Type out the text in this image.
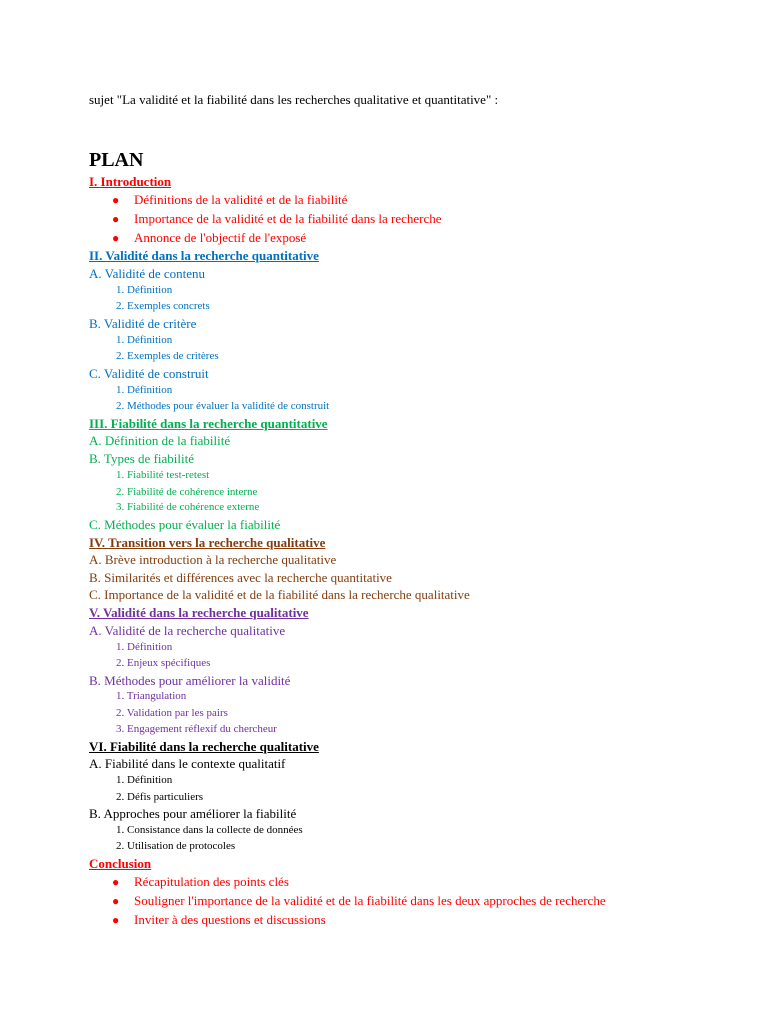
sujet "La validité et la fiabilité dans les recherches qualitative et quantitative" :
PLAN
I. Introduction
● Définitions de la validité et de la fiabilité
● Importance de la validité et de la fiabilité dans la recherche
● Annonce de l'objectif de l'exposé
II. Validité dans la recherche quantitative
A. Validité de contenu
1. Définition
2. Exemples concrets
B. Validité de critère
1. Définition
2. Exemples de critères
C. Validité de construit
1. Définition
2. Méthodes pour évaluer la validité de construit
III. Fiabilité dans la recherche quantitative
A. Définition de la fiabilité
B. Types de fiabilité
1. Fiabilité test-retest
2. Fiabilité de cohérence interne
3. Fiabilité de cohérence externe
C. Méthodes pour évaluer la fiabilité
IV. Transition vers la recherche qualitative
A. Brève introduction à la recherche qualitative
B. Similarités et différences avec la recherche quantitative
C. Importance de la validité et de la fiabilité dans la recherche qualitative
V. Validité dans la recherche qualitative
A. Validité de la recherche qualitative
1. Définition
2. Enjeux spécifiques
B. Méthodes pour améliorer la validité
1. Triangulation
2. Validation par les pairs
3. Engagement réflexif du chercheur
VI. Fiabilité dans la recherche qualitative
A. Fiabilité dans le contexte qualitatif
1. Définition
2. Défis particuliers
B. Approches pour améliorer la fiabilité
1. Consistance dans la collecte de données
2. Utilisation de protocoles
Conclusion
● Récapitulation des points clés
● Souligner l'importance de la validité et de la fiabilité dans les deux approches de recherche
● Inviter à des questions et discussions
